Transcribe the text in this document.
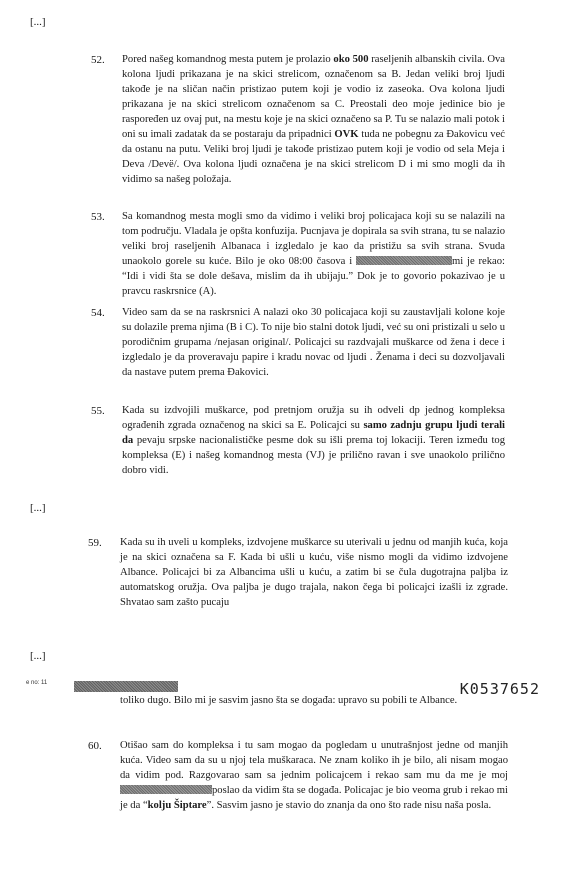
[...]
52.	Pored našeg komandnog mesta putem je prolazio oko 500 raseljenih albanskih civila. Ova kolona ljudi prikazana je na skici strelicom, označenom sa B. Jedan veliki broj ljudi takođe je na sličan način pristizao putem koji je vodio iz zaseoka. Ova kolona ljudi prikazana je na skici strelicom označenom sa C. Preostali deo moje jedinice bio je raspoređen uz ovaj put, na mestu koje je na skici označeno sa P. Tu se nalazio mali potok i oni su imali zadatak da se postaraju da pripadnici OVK tuda ne pobegnu za Đakovicu već da ostanu na putu. Veliki broj ljudi je takođe pristizao putem koji je vodio od sela Meja i Deva /Devë/. Ova kolona ljudi označena je na skici strelicom D i mi smo mogli da ih vidimo sa našeg položaja.
53.	Sa komandnog mesta mogli smo da vidimo i veliki broj policajaca koji su se nalazili na tom području. Vladala je opšta konfuzija. Pucnjava je dopirala sa svih strana, tu se nalazio veliki broj raseljenih Albanaca i izgledalo je kao da pristižu sa svih strana. Svuda unaokolo gorele su kuće. Bilo je oko 08:00 časova i	mi je rekao: “Idi i vidi šta se dole dešava, mislim da ih ubijaju.” Dok je to govorio pokazivao je u pravcu raskrsnice (A).
54.	Video sam da se na raskrsnici A nalazi oko 30 policajaca koji su zaustavljali kolone koje su dolazile prema njima (B i C). To nije bio stalni dotok ljudi, već su oni pristizali u selo u porodičnim grupama /nejasan original/. Policajci su razdvajali muškarce od žena i dece i izgledalo je da proveravaju papire i kradu novac od ljudi . Ženama i deci su dozvoljavali da nastave putem prema Đakovici.
55.	Kada su izdvojili muškarce, pod pretnjom oružja su ih odveli dp jednog kompleksa ograđenih zgrada označenog na skici sa E. Policajci su samo zadnju grupu ljudi terali da pevaju srpske nacionalističke pesme dok su išli prema toj lokaciji. Teren između tog kompleksa (E) i našeg komandnog mesta (VJ) je prilično ravan i sve unaokolo prilično dobro vidi.
[...]
59.	Kada su ih uveli u kompleks, izdvojene muškarce su uterivali u jednu od manjih kuća, koja je na skici označena sa F. Kada bi ušli u kuću, više nismo mogli da vidimo izdvojene Albance. Policajci bi za Albancima ušli u kuću, a zatim bi se čula dugotrajna paljba iz automatskog oružja. Ova paljba je dugo trajala, nakon čega bi policajci izašli iz zgrade. Shvatao sam zašto pucaju
[...]
e no: 11	K0537652
toliko dugo. Bilo mi je sasvim jasno šta se događa: upravo su pobili te Albance.
60.	Otišao sam do kompleksa i tu sam mogao da pogledam u unutrašnjost jedne od manjih kuća. Video sam da su u njoj tela muškaraca. Ne znam koliko ih je bilo, ali nisam mogao da vidim pod. Razgovarao sam sa jednim policajcem i rekao sam mu da me je moj poslao da vidim šta se događa. Policajac je bio veoma grub i rekao mi je da “kolju Šiptare”. Sasvim jasno je stavio do znanja da ono što rade nisu naša posla.
